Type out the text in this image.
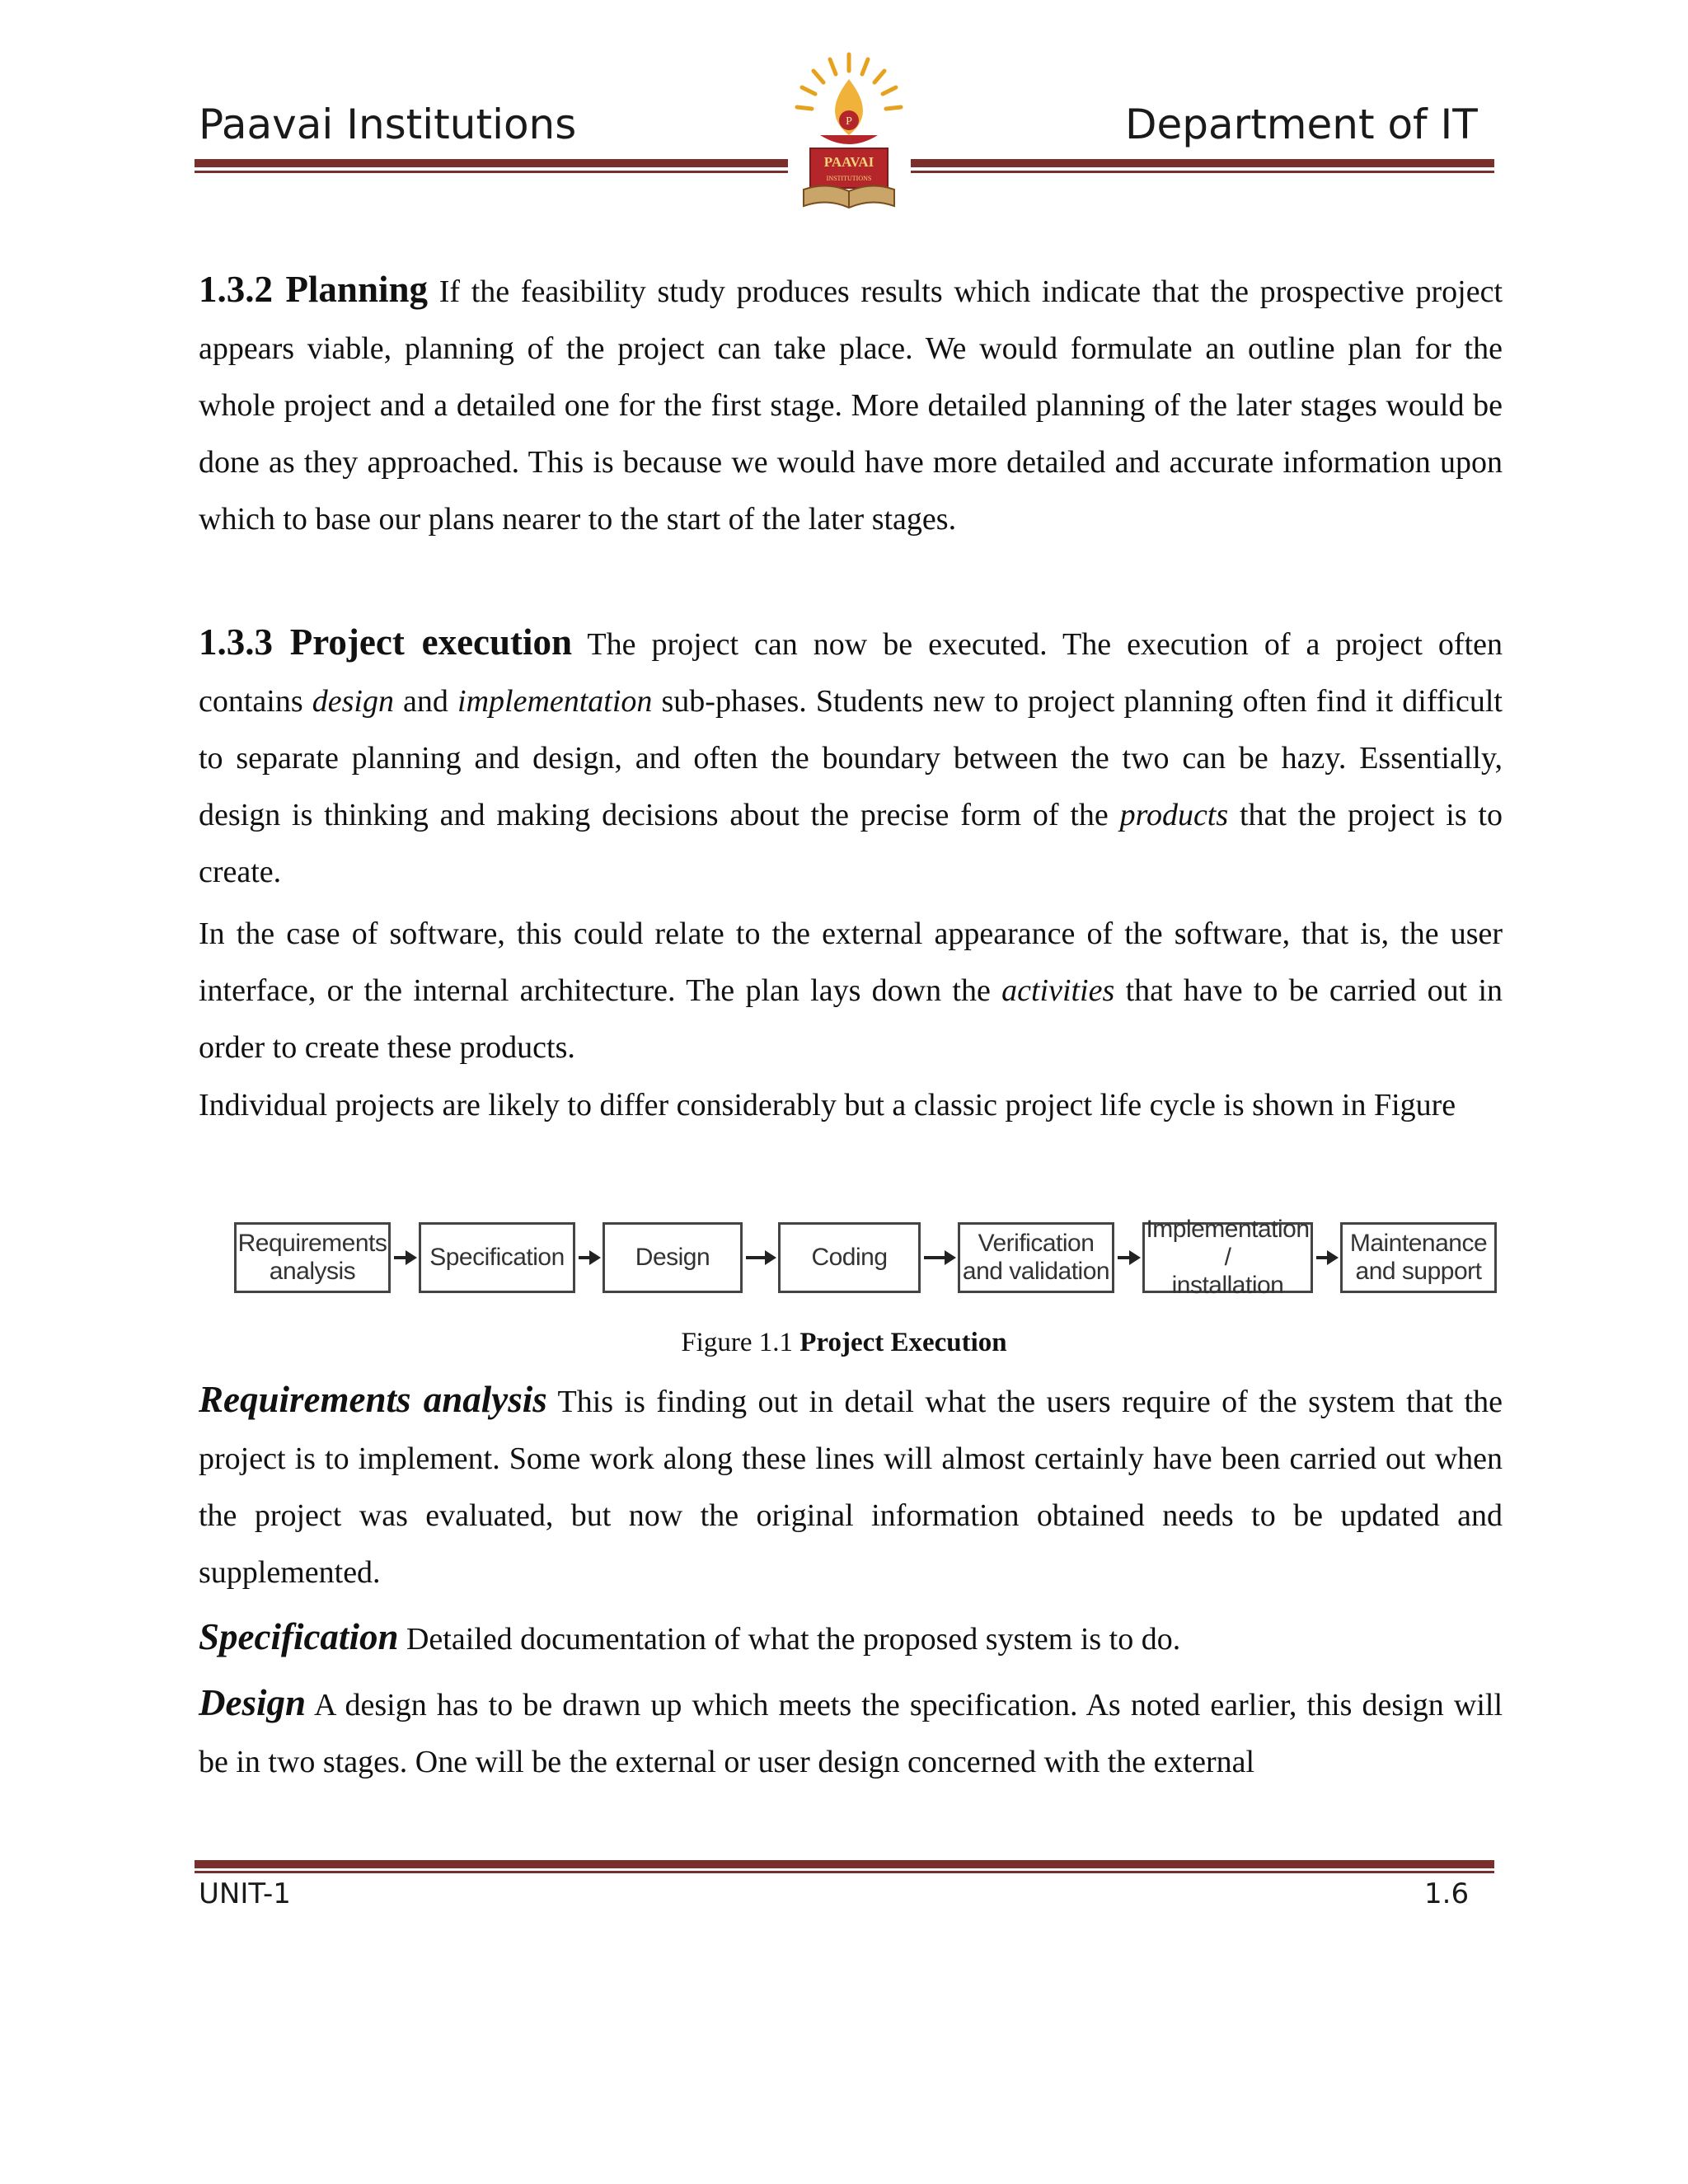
Paavai Institutions	Department of IT
P
PAAVAI
INSTITUTIONS

1.3.2 Planning If the feasibility study produces results which indicate that the prospective project appears viable, planning of the project can take place. We would formulate an outline plan for the whole project and a detailed one for the first stage. More detailed planning of the later stages would be done as they approached. This is because we would have more detailed and accurate information upon which to base our plans nearer to the start of the later stages.

1.3.3 Project execution The project can now be executed. The execution of a project often contains design and implementation sub-phases. Students new to project planning often find it difficult to separate planning and design, and often the boundary between the two can be hazy. Essentially, design is thinking and making decisions about the precise form of the products that the project is to create.

In the case of software, this could relate to the external appearance of the software, that is, the user interface, or the internal architecture. The plan lays down the activities that have to be carried out in order to create these products.

Individual projects are likely to differ considerably but a classic project life cycle is shown in Figure

Requirements
analysis
Specification	Design	Coding
Verification
and validation
Implementation /
installation
Maintenance
and support
Figure 1.1 Project Execution

Requirements analysis This is finding out in detail what the users require of the system that the project is to implement. Some work along these lines will almost certainly have been carried out when the project was evaluated, but now the original information obtained needs to be updated and supplemented.

Specification Detailed documentation of what the proposed system is to do.

Design A design has to be drawn up which meets the specification. As noted earlier, this design will be in two stages. One will be the external or user design concerned with the external

UNIT-1	1.6
